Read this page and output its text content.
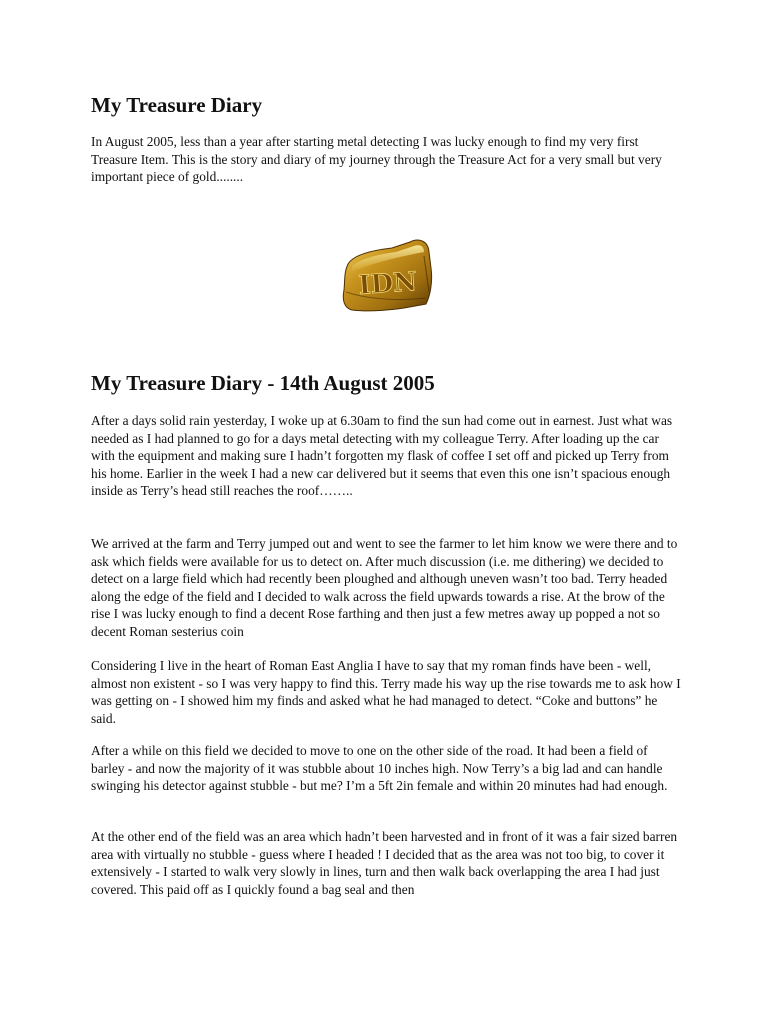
My Treasure Diary

In August 2005, less than a year after starting metal detecting I was lucky enough to find my very first Treasure Item. This is the story and diary of my journey through the Treasure Act for a very small but very important piece of gold........

IDN
My Treasure Diary - 14th August 2005

After a days solid rain yesterday, I woke up at 6.30am to find the sun had come out in earnest. Just what was needed as I had planned to go for a days metal detecting with my colleague Terry. After loading up the car with the equipment and making sure I hadn’t forgotten my flask of coffee I set off and picked up Terry from his home. Earlier in the week I had a new car delivered but it seems that even this one isn’t spacious enough inside as Terry’s head still reaches the roof……..

We arrived at the farm and Terry jumped out and went to see the farmer to let him know we were there and to ask which fields were available for us to detect on. After much discussion (i.e. me dithering) we decided to detect on a large field which had recently been ploughed and although uneven wasn’t too bad. Terry headed along the edge of the field and I decided to walk across the field upwards towards a rise. At the brow of the rise I was lucky enough to find a decent Rose farthing and then just a few metres away up popped a not so decent Roman sesterius coin

Considering I live in the heart of Roman East Anglia I have to say that my roman finds have been - well, almost non existent - so I was very happy to find this. Terry made his way up the rise towards me to ask how I was getting on - I showed him my finds and asked what he had managed to detect. “Coke and buttons” he said.

After a while on this field we decided to move to one on the other side of the road. It had been a field of barley - and now the majority of it was stubble about 10 inches high. Now Terry’s a big lad and can handle swinging his detector against stubble - but me? I’m a 5ft 2in female and within 20 minutes had had enough.

At the other end of the field was an area which hadn’t been harvested and in front of it was a fair sized barren area with virtually no stubble - guess where I headed ! I decided that as the area was not too big, to cover it extensively - I started to walk very slowly in lines, turn and then walk back overlapping the area I had just covered. This paid off as I quickly found a bag seal and then
